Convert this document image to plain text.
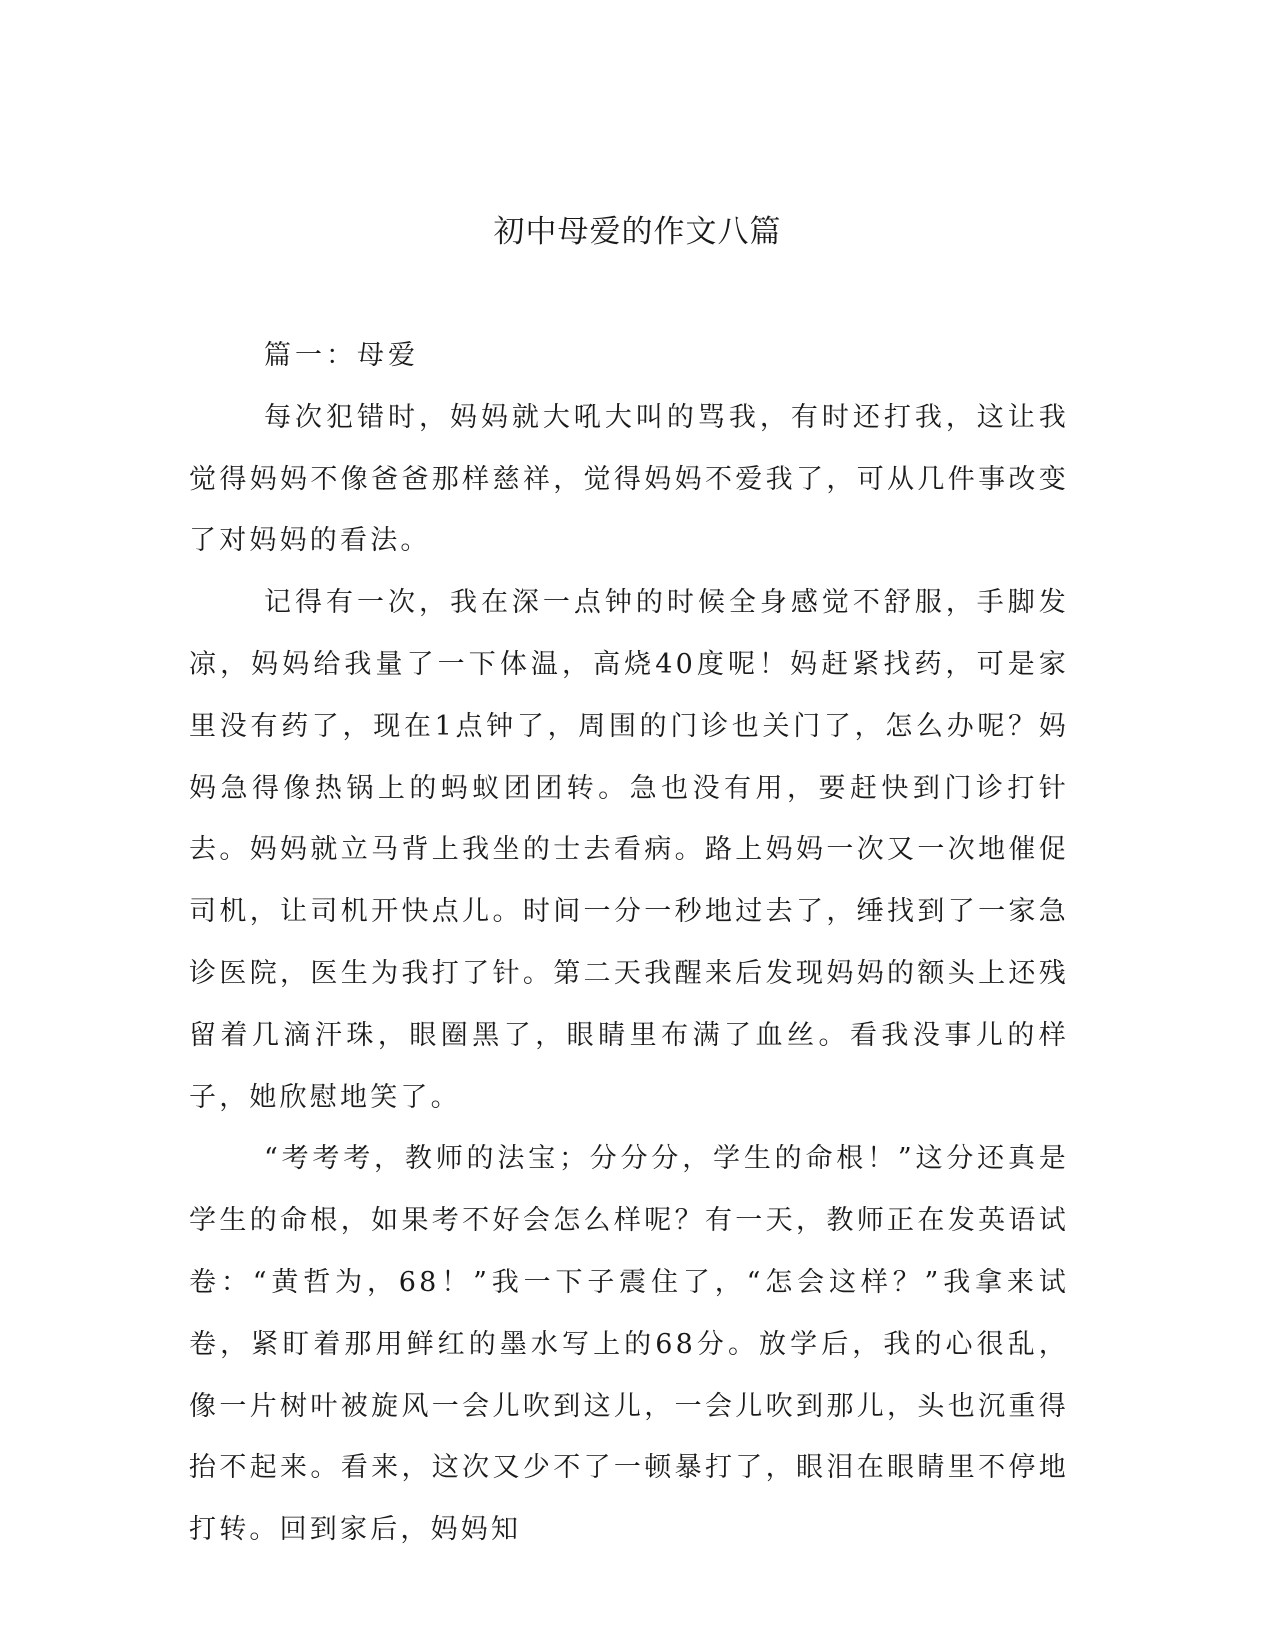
初中母爱的作文八篇

篇一：母爱

每次犯错时，妈妈就大吼大叫的骂我，有时还打我，这让我觉得妈妈不像爸爸那样慈祥，觉得妈妈不爱我了，可从几件事改变了对妈妈的看法。

记得有一次，我在深一点钟的时候全身感觉不舒服，手脚发凉，妈妈给我量了一下体温，高烧40度呢！妈赶紧找药，可是家里没有药了，现在1点钟了，周围的门诊也关门了，怎么办呢？妈妈急得像热锅上的蚂蚁团团转。急也没有用，要赶快到门诊打针去。妈妈就立马背上我坐的士去看病。路上妈妈一次又一次地催促司机，让司机开快点儿。时间一分一秒地过去了，缍找到了一家急诊医院，医生为我打了针。第二天我醒来后发现妈妈的额头上还残留着几滴汗珠，眼圈黑了，眼睛里布满了血丝。看我没事儿的样子，她欣慰地笑了。

“考考考，教师的法宝；分分分，学生的命根！”这分还真是学生的命根，如果考不好会怎么样呢？有一天，教师正在发英语试卷：“黄哲为，68！”我一下子震住了，“怎会这样？”我拿来试卷，紧盯着那用鲜红的墨水写上的68分。放学后，我的心很乱，像一片树叶被旋风一会儿吹到这儿，一会儿吹到那儿，头也沉重得抬不起来。看来，这次又少不了一顿暴打了，眼泪在眼睛里不停地打转。回到家后，妈妈知
